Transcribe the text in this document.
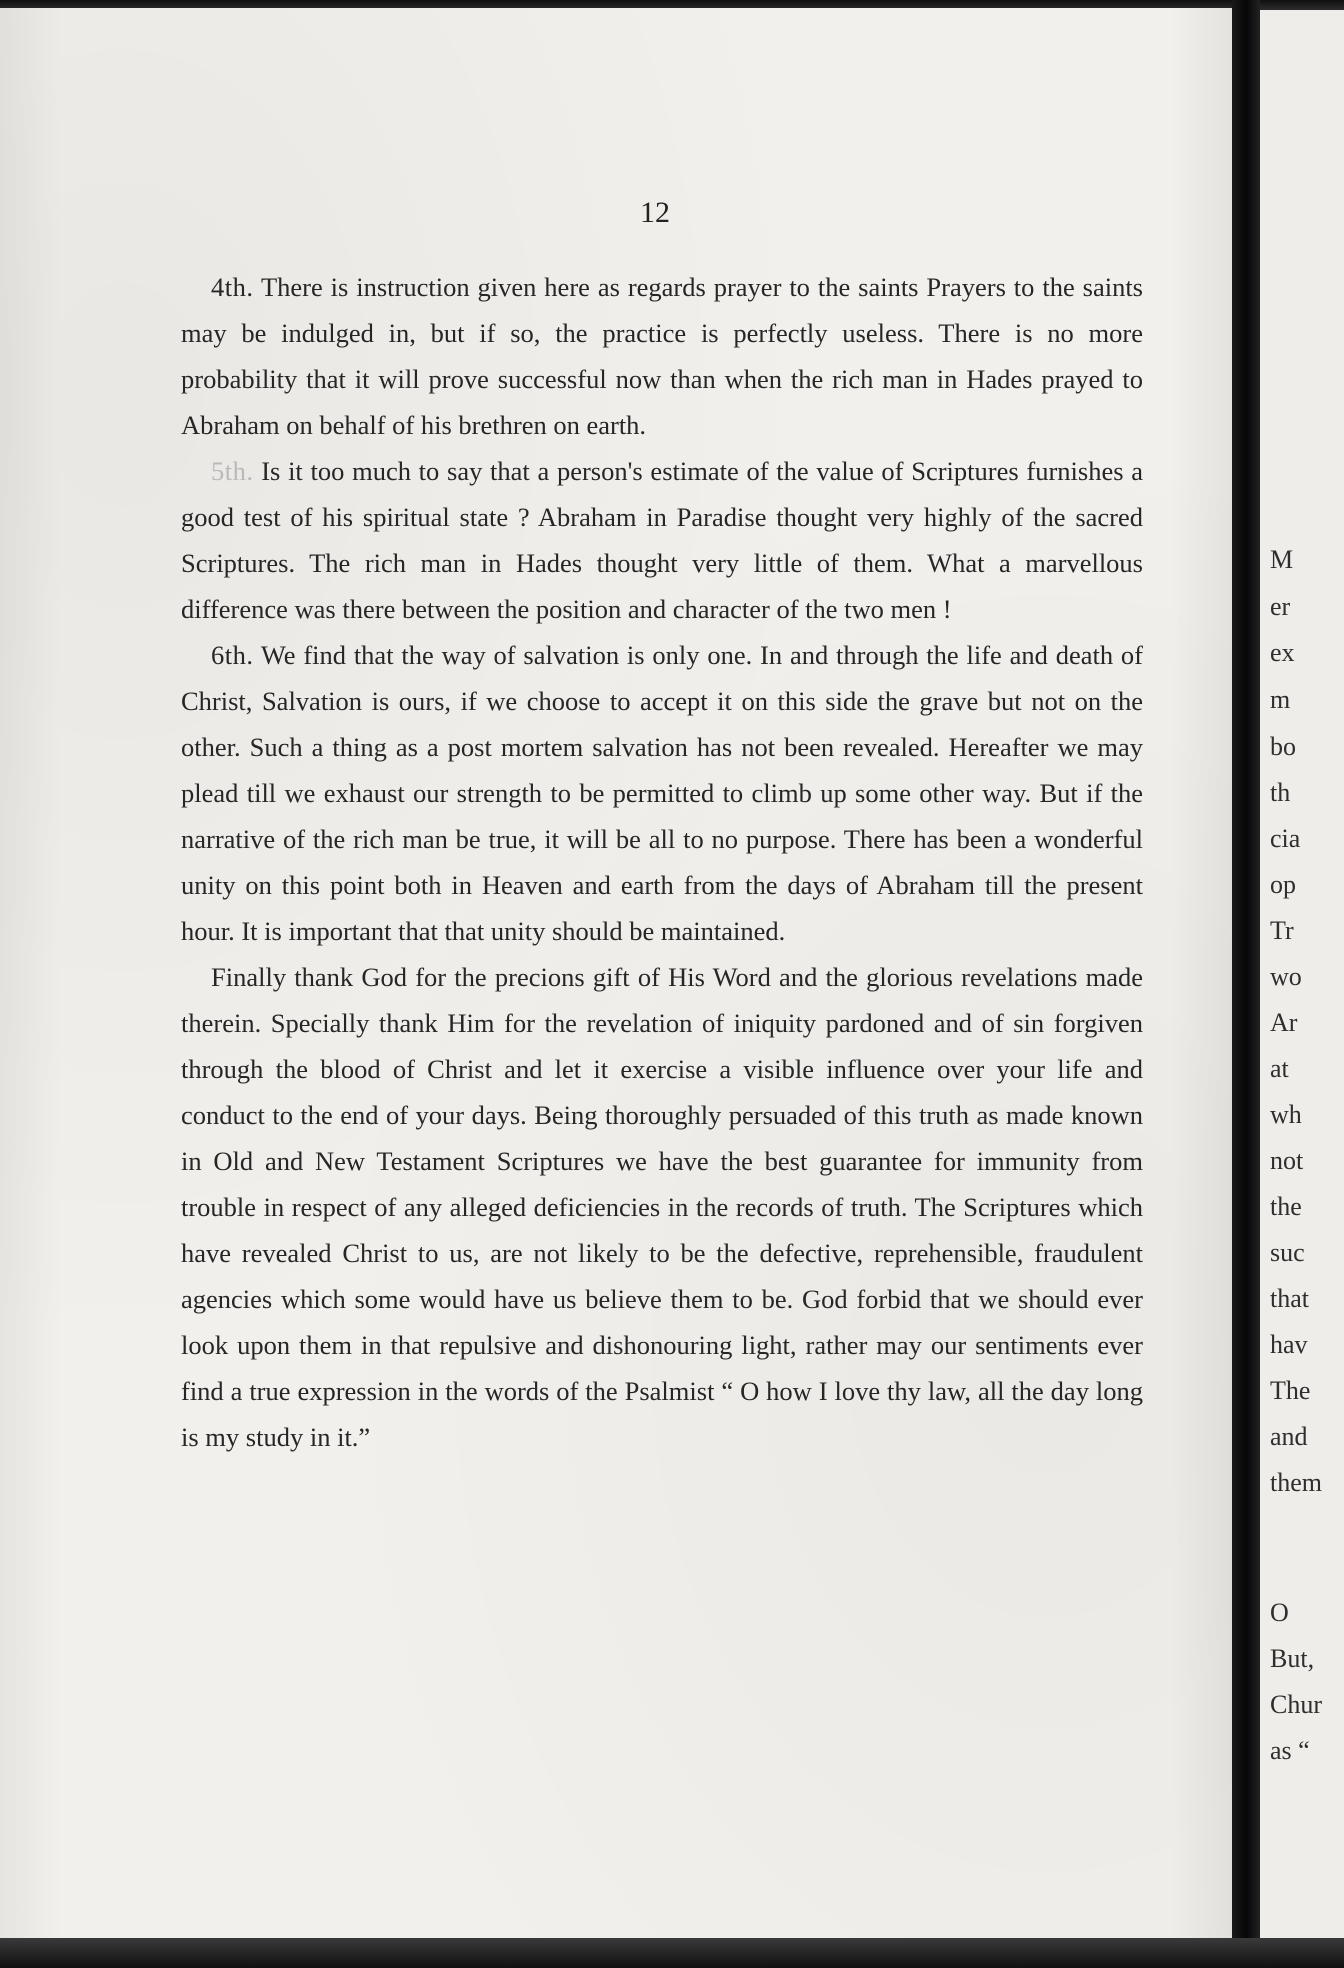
12

4th. There is instruction given here as regards prayer to the saints Prayers to the saints may be indulged in, but if so, the practice is perfectly useless. There is no more probability that it will prove successful now than when the rich man in Hades prayed to Abraham on behalf of his brethren on earth.

5th. Is it too much to say that a person's estimate of the value of Scriptures furnishes a good test of his spiritual state ? Abraham in Paradise thought very highly of the sacred Scriptures. The rich man in Hades thought very little of them. What a marvellous difference was there between the position and character of the two men !

6th. We find that the way of salvation is only one. In and through the life and death of Christ, Salvation is ours, if we choose to accept it on this side the grave but not on the other. Such a thing as a post mortem salvation has not been revealed. Hereafter we may plead till we exhaust our strength to be permitted to climb up some other way. But if the narrative of the rich man be true, it will be all to no purpose. There has been a wonderful unity on this point both in Heaven and earth from the days of Abraham till the present hour. It is important that that unity should be maintained.

Finally thank God for the precions gift of His Word and the glorious revelations made therein. Specially thank Him for the revelation of iniquity pardoned and of sin forgiven through the blood of Christ and let it exercise a visible influence over your life and conduct to the end of your days. Being thoroughly persuaded of this truth as made known in Old and New Testament Scriptures we have the best guarantee for immunity from trouble in respect of any alleged deficiencies in the records of truth. The Scriptures which have revealed Christ to us, are not likely to be the defective, reprehensible, fraudulent agencies which some would have us believe them to be. God forbid that we should ever look upon them in that repulsive and dishonouring light, rather may our sentiments ever find a true expression in the words of the Psalmist “ O how I love thy law, all the day long is my study in it.”

M
er
ex
m
bo
th
cia
op
Tr
wo
Ar
at
wh
not
the
suc
that
hav
The
and
them
O
But,
Chur
as “
